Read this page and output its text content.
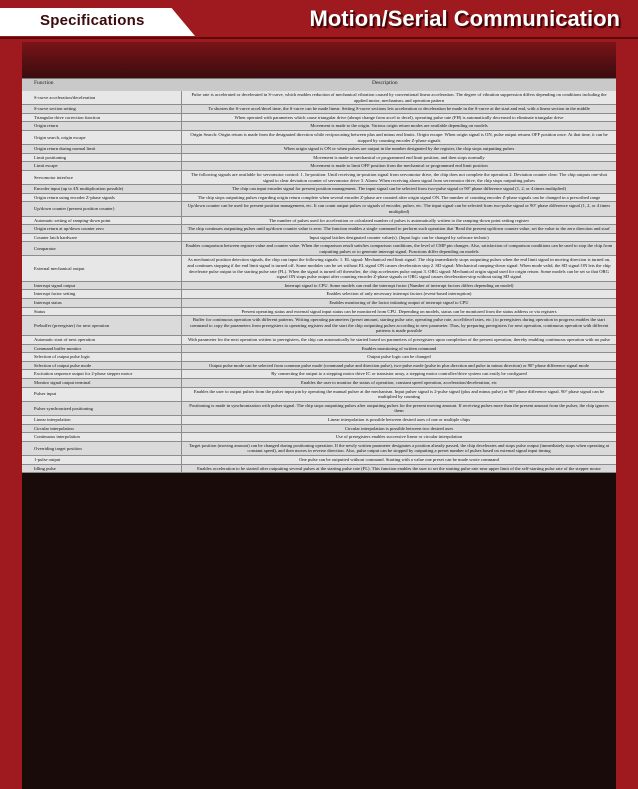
Specifications	Motion/Serial Communication
Function	Description
S-curve acceleration/deceleration	Pulse rate is accelerated or decelerated in S-curve, which enables reduction of mechanical vibration caused by conventional linear acceleration. The degree of vibration suppression differs depending on conditions including the applied motor, mechanism, and operation pattern
S-curve section setting	To shorten the S-curve accel/decel time, the S-curve can be made linear. Setting S-curve sections lets acceleration or deceleration be made in the S-curve at the start and end, with a linear section in the middle
Triangular drive correction function	When operated with parameters which cause triangular drive (abrupt change from accel to decel), operating pulse rate (FH) is automatically decreased to eliminate triangular drive
Origin return	Movement is made to the origin. Various origin return modes are available depending on models
Origin search, origin escape	Origin Search: Origin return is made from the designated direction while reciprocating between plus and minus end limits. Origin escape: When origin signal is ON, pulse output returns OFF position once. At that time, it can be stopped by counting encoder Z-phase signals
Origin return during normal limit	When origin signal is ON or when pulses are output in the number designated by the register, the chip stops outputting pulses
Limit positioning	Movement is made to mechanical or programmed end limit position, and then stops normally
Limit escape	Movement is made to limit OFF position from the mechanical or programmed end limit position
Servomotor interface	The following signals are available for servomotor control: 1. In-position: Until receiving in-position signal from servomotor drive, the chip does not complete the operation 2. Deviation counter clear: The chip outputs one-shot signal to clear deviation counter of servomotor drive 3. Alarm: When receiving alarm signal from servomotor drive, the chip stops outputting pulses
Encoder input (up to 4X multiplication possible)	The chip can input encoder signal for present position management. The input signal can be selected from two-pulse signal or 90° phase difference signal (1, 2, or 4 times multiplied)
Origin return using encoder Z-phase signals	The chip stops outputting pulses regarding origin return complete when several encoder Z-phase are counted after origin signal ON. The number of counting encoder Z-phase signals can be changed in a prescribed range
Up/down counter (present position counter)	Up/down counter can be used for present position management, etc. It can count output pulses or signals of encoder, pulser, etc. The input signal can be selected from two-pulse signal or 90° phase difference signal (1, 2, or 4 times multiplied)
Automatic setting of ramping-down point	The number of pulses used for acceleration or calculated number of pulses is automatically written to the ramping-down point setting register
Origin return at up/down counter zero	The chip continues outputting pulses until up/down counter value is zero. The function enables a single command to perform such operation that 'Read the present up/down counter value, set the value to the zero direction and start'
Counter latch hardware	Input signal latches designated counter value(s). (Input logic can be changed by software technic)
Comparator	Enables comparison between register value and counter value. When the comparison result satisfies comparison conditions, the level of CMP pin changes. Also, satisfaction of comparison conditions can be used to stop the chip from outputting pulses or to generate interrupt signal. Functions differ depending on models
External mechanical output	As mechanical position detection signals, the chip can input the following signals: 1. EL signal: Mechanical end limit signal. The chip immediately stops outputting pulses when the end limit signal in moving direction is turned on, and continues stopping if the end limit signal is turned off. Some modules can be set without EL signal ON causes deceleration stop 2. SD signal: Mechanical ramping-down signal. When mode valid, the SD signal ON lets the chip decelerate pulse output to the starting pulse rate (FL). When the signal is turned off thereafter, the chip accelerates pulse output 3. ORG signal: Mechanical origin signal used for origin return. Some models can be set so that ORG signal ON stops pulse output after counting encoder Z-phase signals or ORG signal causes deceleration-stop without using SD signal
Interrupt signal output	Interrupt signal to CPU. Some models can read the interrupt factor (Number of interrupt factors differs depending on model)
Interrupt factor setting	Enables selection of only necessary interrupt factors (event-based interruption)
Interrupt status	Enables monitoring of the factor initiating output of interrupt signal to CPU
Status	Present operating status and external signal input status can be monitored from CPU. Depending on models, status can be monitored from the status address or via registers
Prebuffer (preregister) for next operation	Buffer for continuous operation with different patterns. Writing operating parameters (preset amount, starting pulse rate, operating pulse rate, accel/decel rates, etc.) to preregisters during operation in progress enables the start command to copy the parameters from preregisters to operating registers and the start the chip outputting pulses according to new parameter. Thus, by preparing preregisters for next operation, continuous operation with different patterns is made possible
Automatic start of next operation	With parameter for the next operation written to preregisters, the chip can automatically be started based on parameters of preregisters upon completion of the present operation, thereby enabling continuous operation with no pulse
Command buffer monitor	Enables monitoring of written command
Selection of output pulse logic	Output pulse logic can be changed
Selection of output pulse mode	Output pulse mode can be selected from common pulse mode (command pulse and direction pulse), two-pulse mode (pulse in plus direction and pulse in minus direction) or 90° phase difference signal mode
Excitation sequence output for 2-phase stepper motor	By connecting the output to a stepping motor drive IC or transistor array, a stepping motor controller/drive system can easily be configured
Monitor signal output terminal	Enables the user to monitor the status of operation, constant speed operation, acceleration/deceleration, etc
Pulser input	Enables the user to output pulses from the pulser input pin by operating the manual pulser at the mechanism. Input pulser signal is 2-pulse signal (plus and minus pulse) or 90° phase difference signal. 90° phase signal can be multiplied by counting
Pulser synchronized positioning	Positioning is made in synchronization with pulser signal. The chip stops outputting pulses after outputting pulses for the present moving amount. If receiving pulses more than the present amount from the pulser, the chip ignores them
Linear interpolation	Linear interpolation is possible between desired axes of one or multiple chips
Circular interpolation	Circular interpolation is possible between two desired axes
Continuous interpolation	Use of preregisters enables successive linear or circular interpolation
Overriding target position	Target position (moving amount) can be changed during positioning operation. If the newly written parameter designates a position already passed, the chip decelerates and stops pulse output (immediately stops when operating at constant speed), and then moves in reverse direction. Also, pulse output can be stopped by outputting a preset number of pulses based on external signal input timing
1-pulse output	One pulse can be outputted without command. Starting with a value one preset can be made wrote command
Idling pulse	Enables acceleration to be started after outputting several pulses at the starting pulse rate (FL). This function enables the user to set the starting pulse rate near upper limit of the self-starting pulse rate of the stepper motor
